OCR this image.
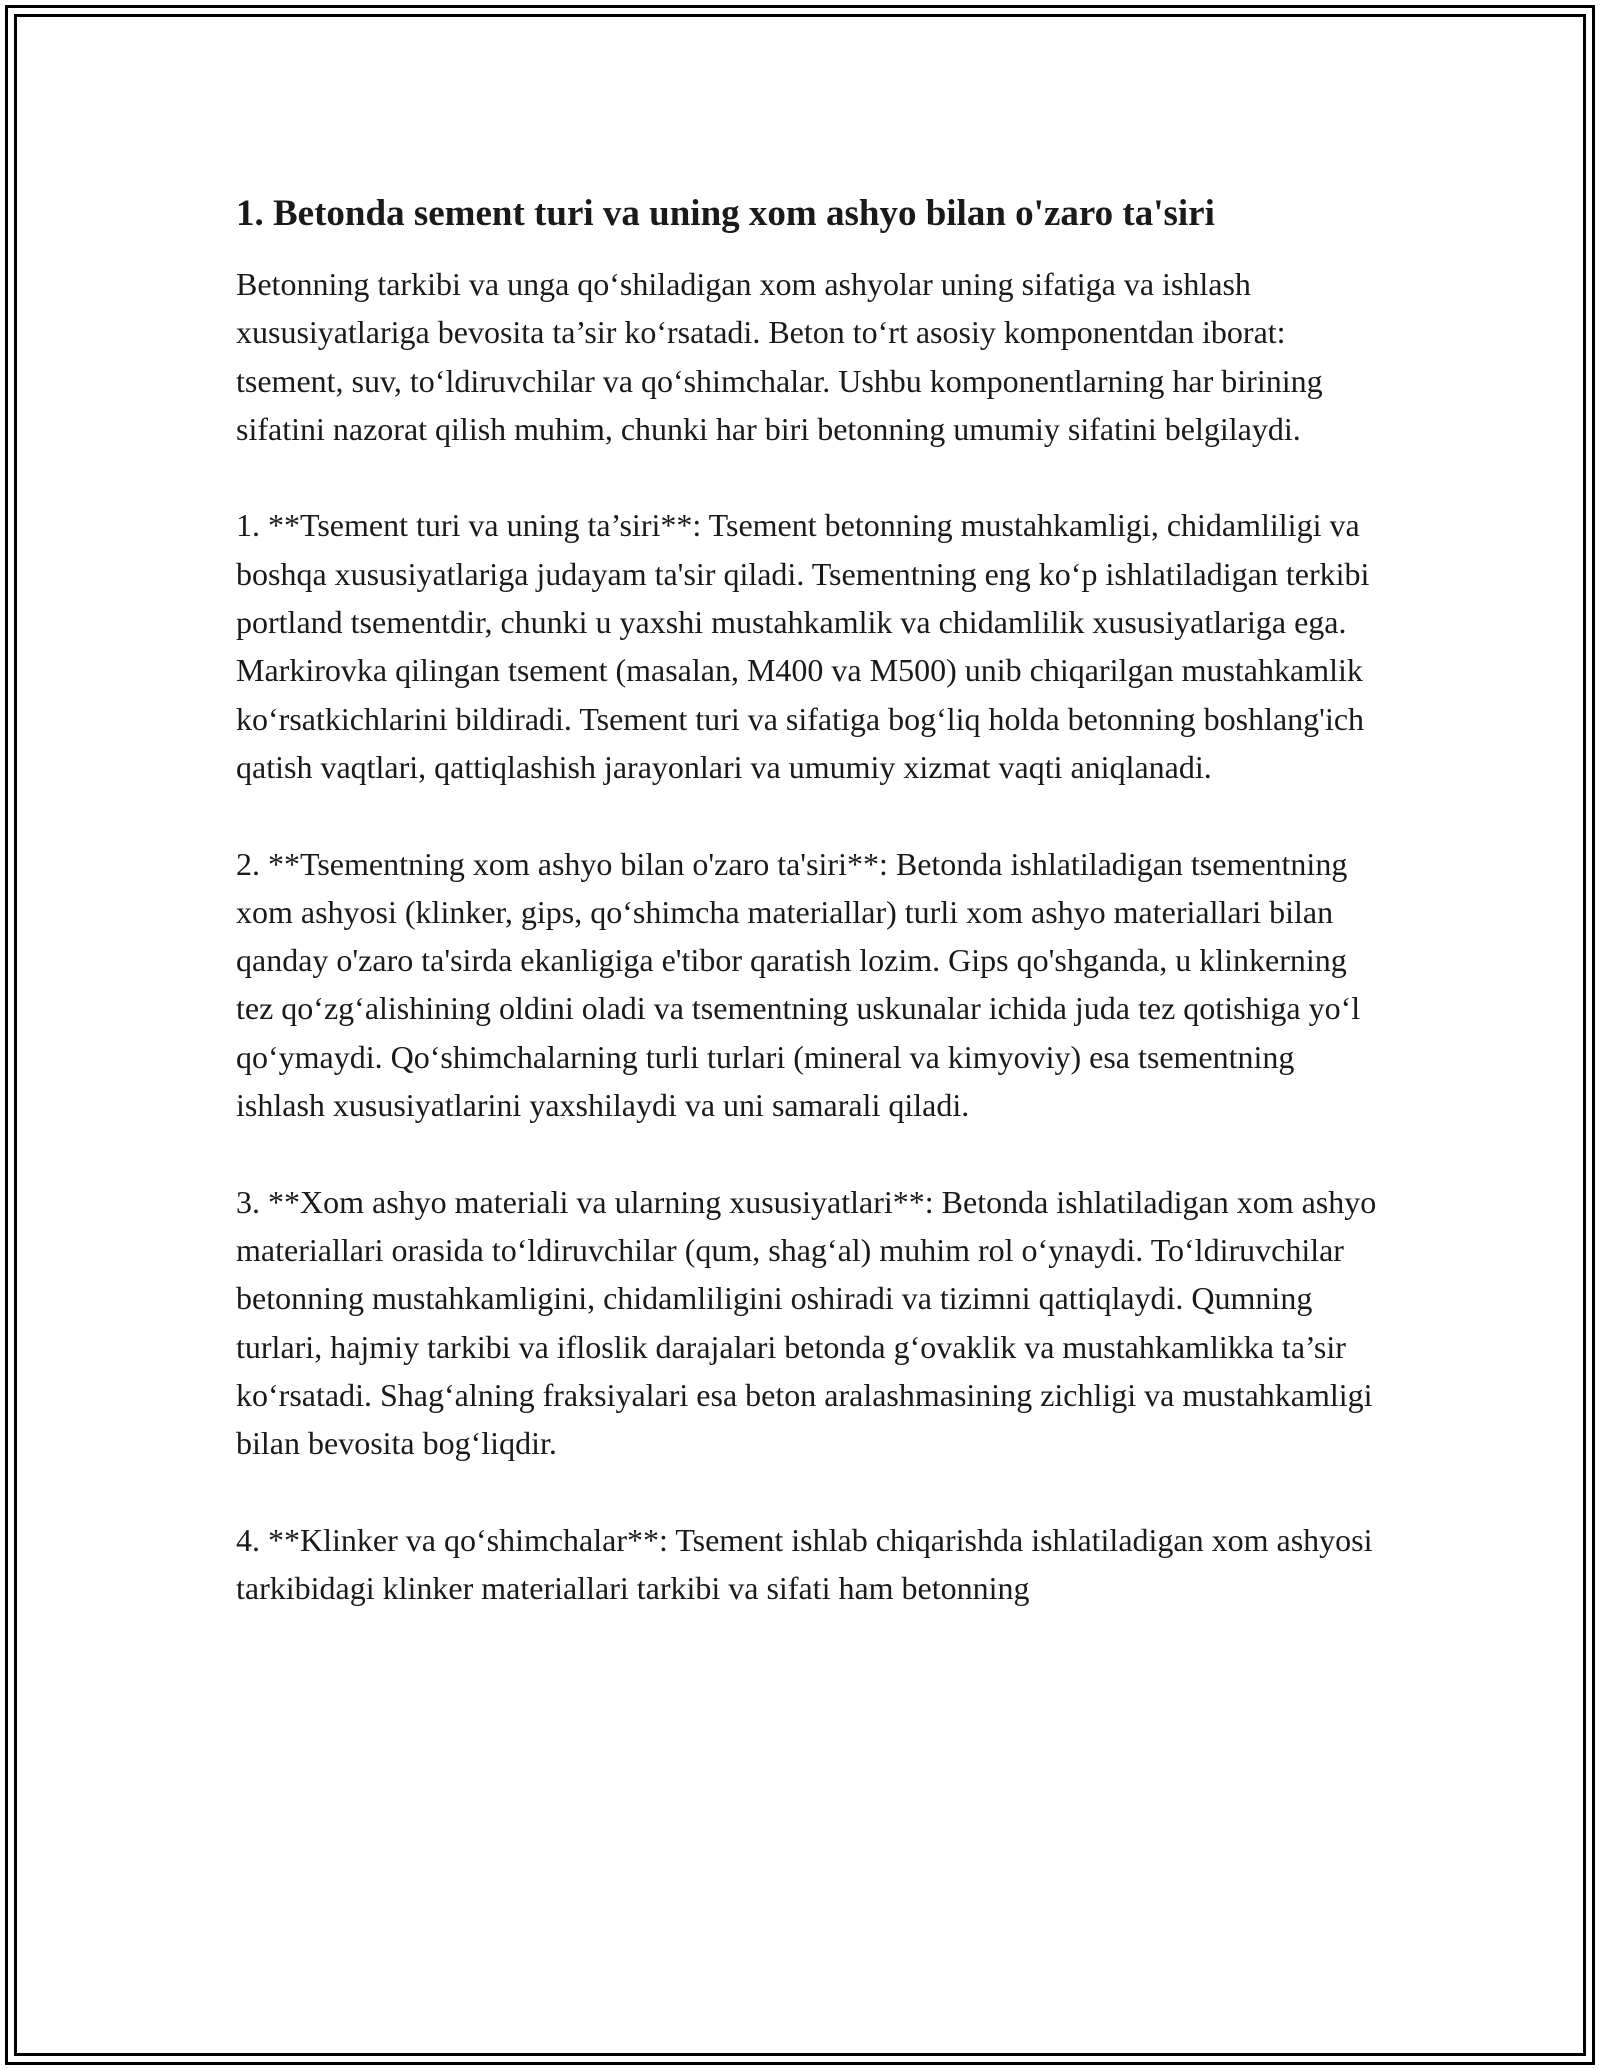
1. Betonda sement turi va uning xom ashyo bilan o'zaro ta'siri

Betonning tarkibi va unga qo‘shiladigan xom ashyolar uning sifatiga va ishlash xususiyatlariga bevosita ta’sir ko‘rsatadi. Beton to‘rt asosiy komponentdan iborat: tsement, suv, to‘ldiruvchilar va qo‘shimchalar. Ushbu komponentlarning har birining sifatini nazorat qilish muhim, chunki har biri betonning umumiy sifatini belgilaydi.

1. **Tsement turi va uning ta’siri**: Tsement betonning mustahkamligi, chidamliligi va boshqa xususiyatlariga judayam ta'sir qiladi. Tsementning eng ko‘p ishlatiladigan terkibi portland tsementdir, chunki u yaxshi mustahkamlik va chidamlilik xususiyatlariga ega. Markirovka qilingan tsement (masalan, M400 va M500) unib chiqarilgan mustahkamlik ko‘rsatkichlarini bildiradi. Tsement turi va sifatiga bog‘liq holda betonning boshlang'ich qatish vaqtlari, qattiqlashish jarayonlari va umumiy xizmat vaqti aniqlanadi.

2. **Tsementning xom ashyo bilan o'zaro ta'siri**: Betonda ishlatiladigan tsementning xom ashyosi (klinker, gips, qo‘shimcha materiallar) turli xom ashyo materiallari bilan qanday o'zaro ta'sirda ekanligiga e'tibor qaratish lozim. Gips qo'shganda, u klinkerning tez qo‘zg‘alishining oldini oladi va tsementning uskunalar ichida juda tez qotishiga yo‘l qo‘ymaydi. Qo‘shimchalarning turli turlari (mineral va kimyoviy) esa tsementning ishlash xususiyatlarini yaxshilaydi va uni samarali qiladi.

3. **Xom ashyo materiali va ularning xususiyatlari**: Betonda ishlatiladigan xom ashyo materiallari orasida to‘ldiruvchilar (qum, shag‘al) muhim rol o‘ynaydi. To‘ldiruvchilar betonning mustahkamligini, chidamliligini oshiradi va tizimni qattiqlaydi. Qumning turlari, hajmiy tarkibi va ifloslik darajalari betonda g‘ovaklik va mustahkamlikka ta’sir ko‘rsatadi. Shag‘alning fraksiyalari esa beton aralashmasining zichligi va mustahkamligi bilan bevosita bog‘liqdir.

4. **Klinker va qo‘shimchalar**: Tsement ishlab chiqarishda ishlatiladigan xom ashyosi tarkibidagi klinker materiallari tarkibi va sifati ham betonning
